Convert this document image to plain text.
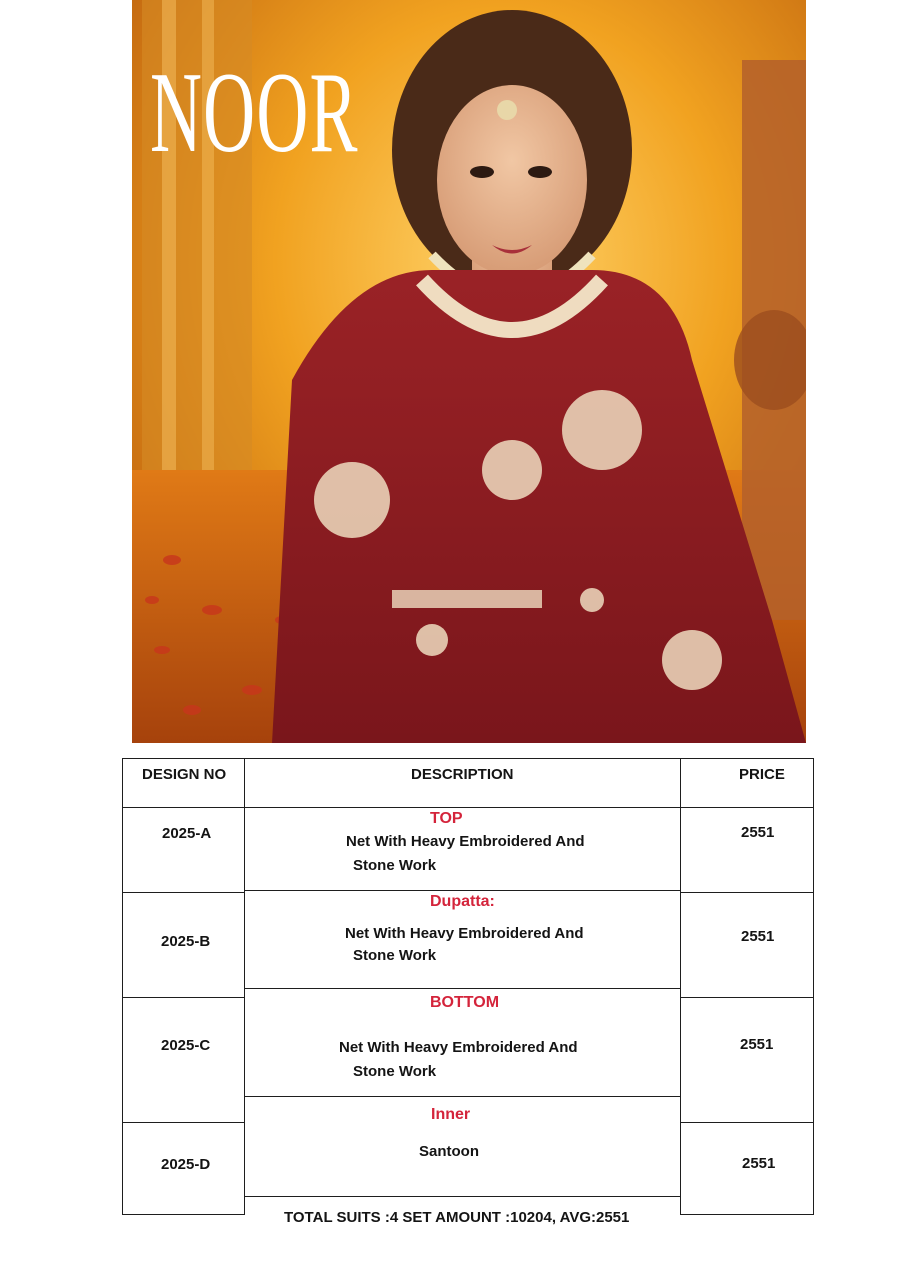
NOOR
DESIGN NO	DESCRIPTION	PRICE
2025-A
2025-B
2025-C
2025-D
2551
2551
2551
2551
TOP
Net With Heavy Embroidered And
Stone Work
Dupatta:
Net With Heavy Embroidered And
Stone Work
BOTTOM
Net With Heavy Embroidered And
Stone Work
Inner
Santoon
TOTAL SUITS :4 SET AMOUNT :10204, AVG:2551
